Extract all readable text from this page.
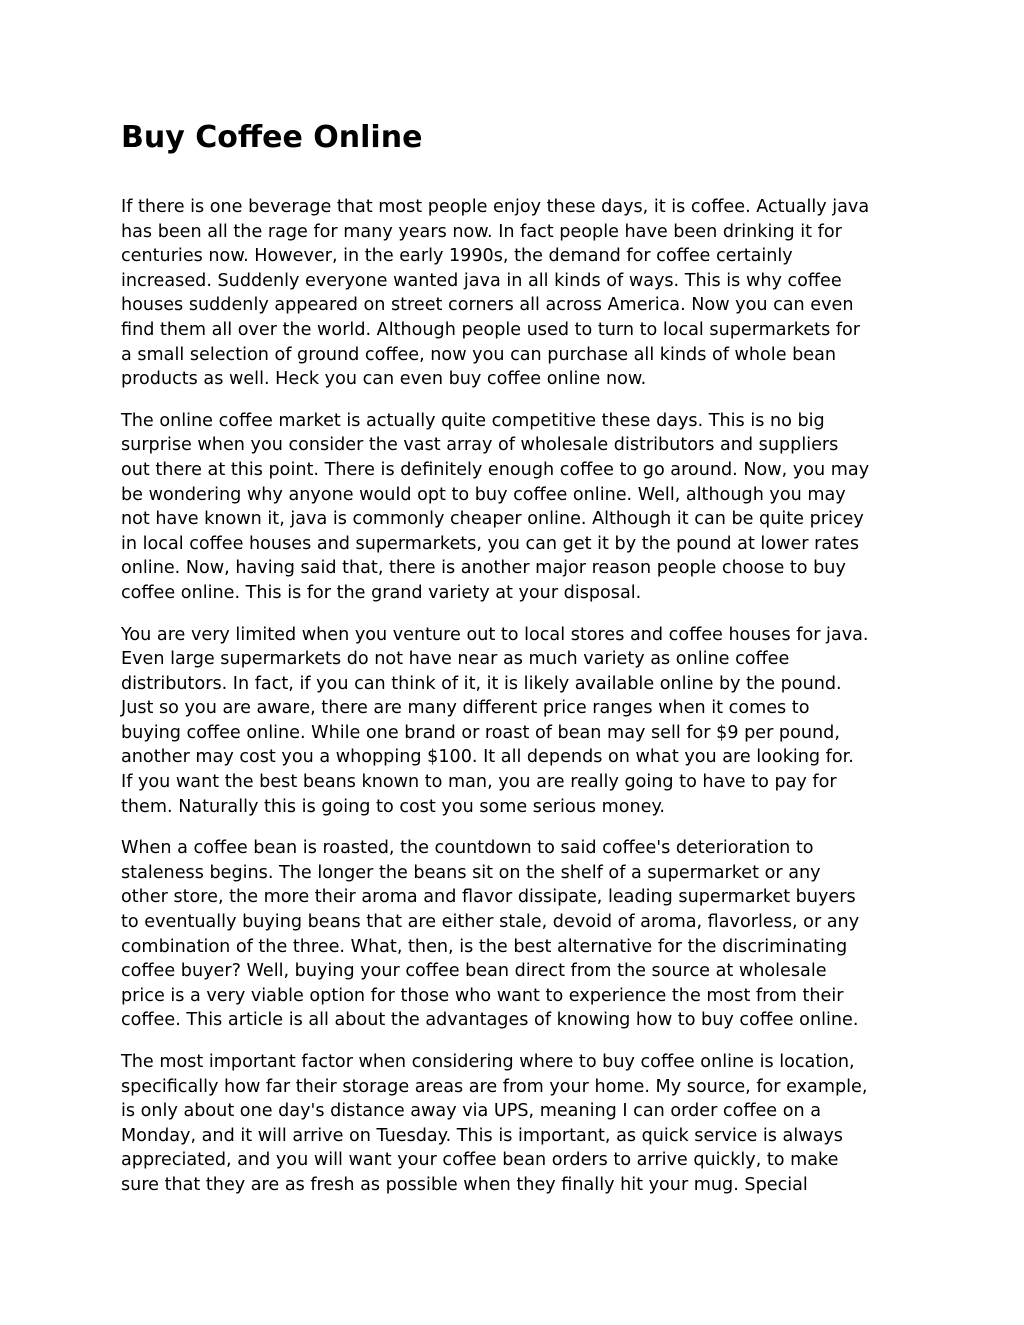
Buy Coffee Online

If there is one beverage that most people enjoy these days, it is coffee. Actually java
has been all the rage for many years now. In fact people have been drinking it for
centuries now. However, in the early 1990s, the demand for coffee certainly
increased. Suddenly everyone wanted java in all kinds of ways. This is why coffee
houses suddenly appeared on street corners all across America. Now you can even
find them all over the world. Although people used to turn to local supermarkets for
a small selection of ground coffee, now you can purchase all kinds of whole bean
products as well. Heck you can even buy coffee online now.

The online coffee market is actually quite competitive these days. This is no big
surprise when you consider the vast array of wholesale distributors and suppliers
out there at this point. There is definitely enough coffee to go around. Now, you may
be wondering why anyone would opt to buy coffee online. Well, although you may
not have known it, java is commonly cheaper online. Although it can be quite pricey
in local coffee houses and supermarkets, you can get it by the pound at lower rates
online. Now, having said that, there is another major reason people choose to buy
coffee online. This is for the grand variety at your disposal.

You are very limited when you venture out to local stores and coffee houses for java.
Even large supermarkets do not have near as much variety as online coffee
distributors. In fact, if you can think of it, it is likely available online by the pound.
Just so you are aware, there are many different price ranges when it comes to
buying coffee online. While one brand or roast of bean may sell for $9 per pound,
another may cost you a whopping $100. It all depends on what you are looking for.
If you want the best beans known to man, you are really going to have to pay for
them. Naturally this is going to cost you some serious money.

When a coffee bean is roasted, the countdown to said coffee's deterioration to
staleness begins. The longer the beans sit on the shelf of a supermarket or any
other store, the more their aroma and flavor dissipate, leading supermarket buyers
to eventually buying beans that are either stale, devoid of aroma, flavorless, or any
combination of the three. What, then, is the best alternative for the discriminating
coffee buyer? Well, buying your coffee bean direct from the source at wholesale
price is a very viable option for those who want to experience the most from their
coffee. This article is all about the advantages of knowing how to buy coffee online.

The most important factor when considering where to buy coffee online is location,
specifically how far their storage areas are from your home. My source, for example,
is only about one day's distance away via UPS, meaning I can order coffee on a
Monday, and it will arrive on Tuesday. This is important, as quick service is always
appreciated, and you will want your coffee bean orders to arrive quickly, to make
sure that they are as fresh as possible when they finally hit your mug. Special
